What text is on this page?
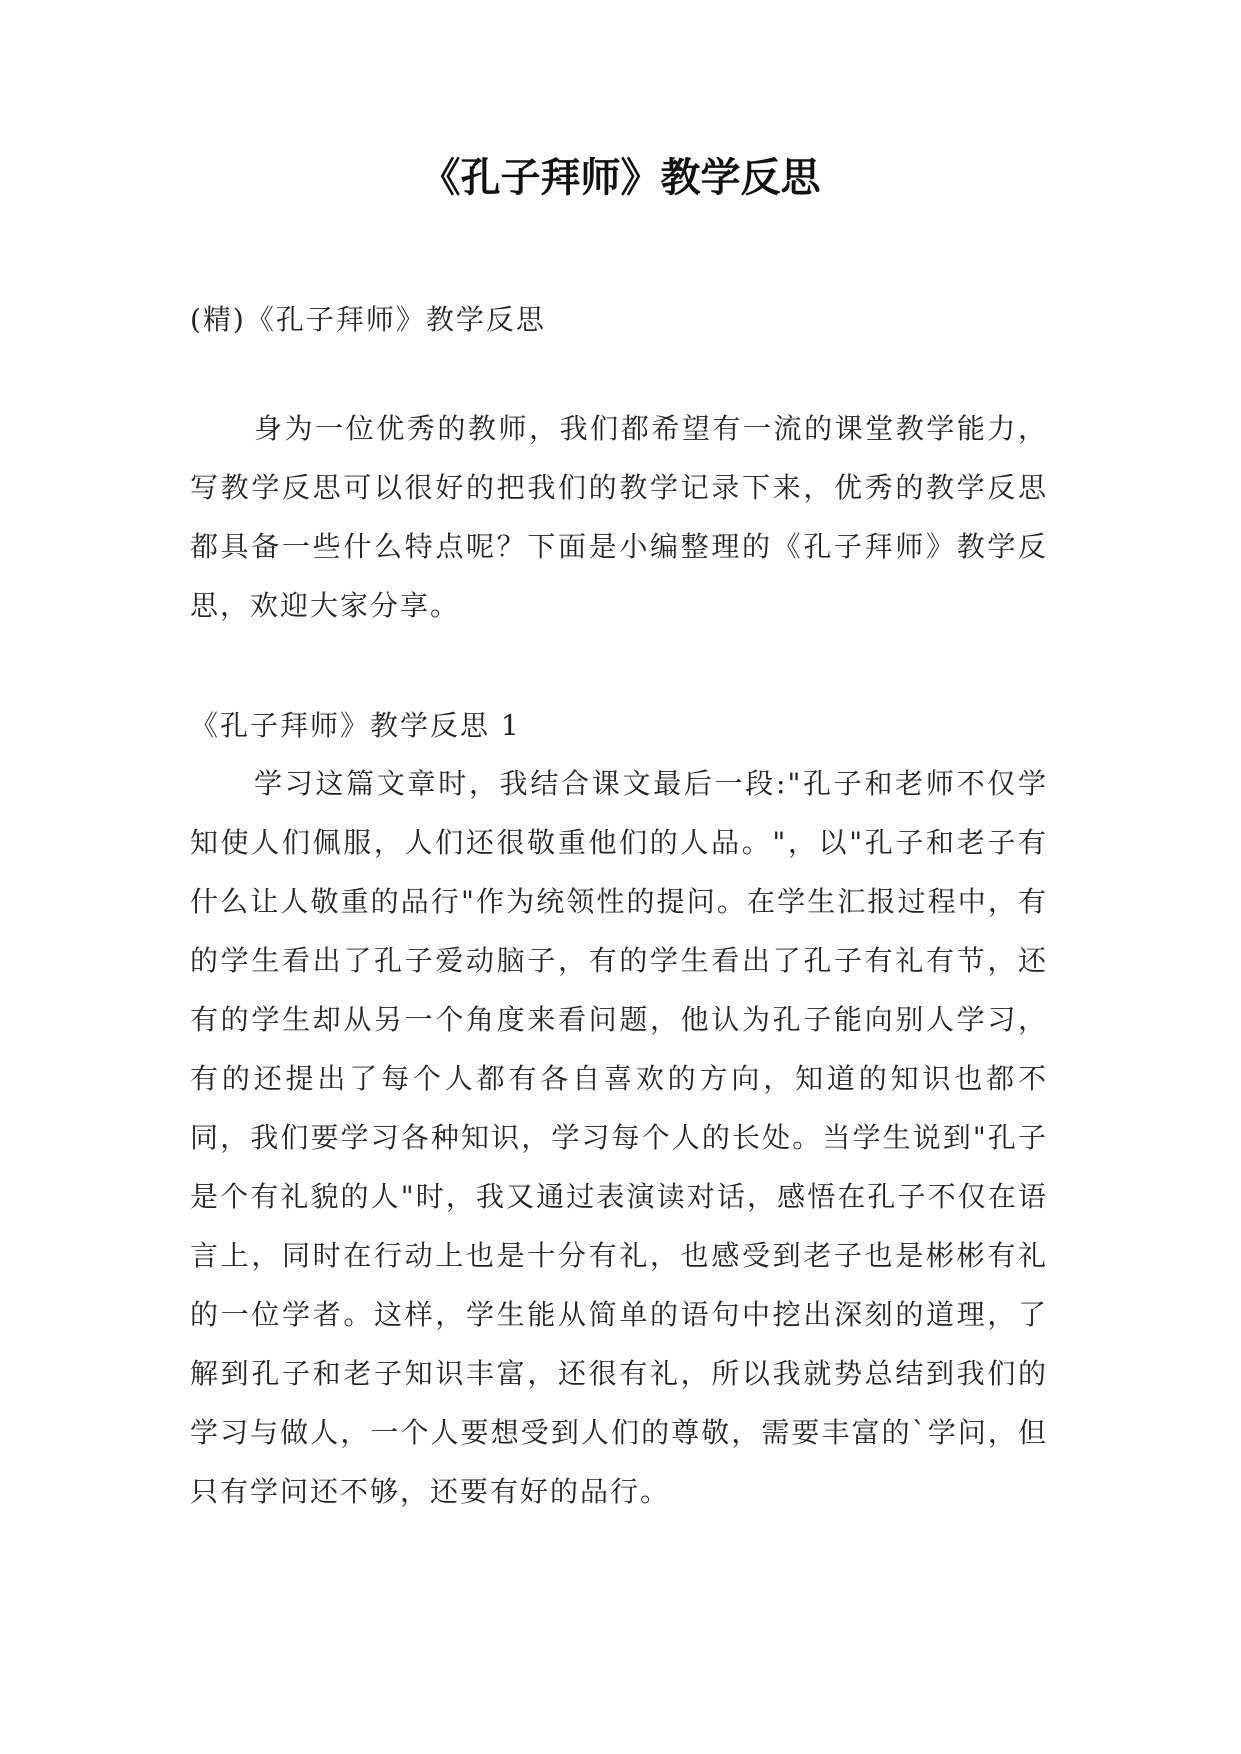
《孔子拜师》教学反思

(精)《孔子拜师》教学反思

身为一位优秀的教师，我们都希望有一流的课堂教学能力，写教学反思可以很好的把我们的教学记录下来，优秀的教学反思都具备一些什么特点呢？下面是小编整理的《孔子拜师》教学反思，欢迎大家分享。

《孔子拜师》教学反思 1

学习这篇文章时，我结合课文最后一段:"孔子和老师不仅学知使人们佩服，人们还很敬重他们的人品。"，以"孔子和老子有什么让人敬重的品行"作为统领性的提问。在学生汇报过程中，有的学生看出了孔子爱动脑子，有的学生看出了孔子有礼有节，还有的学生却从另一个角度来看问题，他认为孔子能向别人学习，有的还提出了每个人都有各自喜欢的方向，知道的知识也都不同，我们要学习各种知识，学习每个人的长处。当学生说到"孔子是个有礼貌的人"时，我又通过表演读对话，感悟在孔子不仅在语言上，同时在行动上也是十分有礼，也感受到老子也是彬彬有礼的一位学者。这样，学生能从简单的语句中挖出深刻的道理，了解到孔子和老子知识丰富，还很有礼，所以我就势总结到我们的学习与做人，一个人要想受到人们的尊敬，需要丰富的`学问，但只有学问还不够，还要有好的品行。
